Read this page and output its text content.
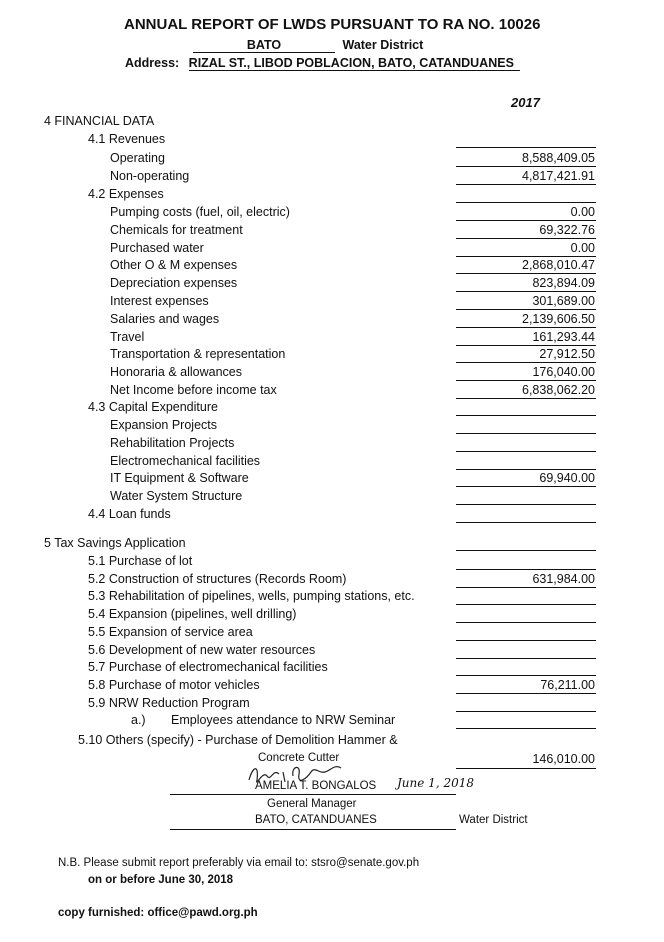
ANNUAL REPORT OF LWDS PURSUANT TO RA NO. 10026
BATO	Water District
Address: RIZAL ST., LIBOD POBLACION, BATO, CATANDUANES
2017
4 FINANCIAL DATA
4.1 Revenues
Operating	8,588,409.05
Non-operating	4,817,421.91
4.2 Expenses
Pumping costs (fuel, oil, electric)	0.00
Chemicals for treatment	69,322.76
Purchased water	0.00
Other O & M expenses	2,868,010.47
Depreciation expenses	823,894.09
Interest expenses	301,689.00
Salaries and wages	2,139,606.50
Travel	161,293.44
Transportation & representation	27,912.50
Honoraria & allowances	176,040.00
Net Income before income tax	6,838,062.20
4.3 Capital Expenditure
Expansion Projects
Rehabilitation Projects
Electromechanical facilities
IT Equipment & Software	69,940.00
Water System Structure
4.4 Loan funds
5 Tax Savings Application
5.1 Purchase of lot
5.2 Construction of structures (Records Room)	631,984.00
5.3 Rehabilitation of pipelines, wells, pumping stations, etc.
5.4 Expansion (pipelines, well drilling)
5.5 Expansion of service area
5.6 Development of new water resources
5.7 Purchase of electromechanical facilities
5.8 Purchase of motor vehicles	76,211.00
5.9 NRW Reduction Program
a.) Employees attendance to NRW Seminar
5.10 Others (specify) - Purchase of Demolition Hammer &
Concrete Cutter	146,010.00
June 1, 2018
AMELIA T. BONGALOS
General Manager
BATO, CATANDUANES	Water District
N.B. Please submit report preferably via email to: stsro@senate.gov.ph
on or before June 30, 2018
copy furnished: office@pawd.org.ph
